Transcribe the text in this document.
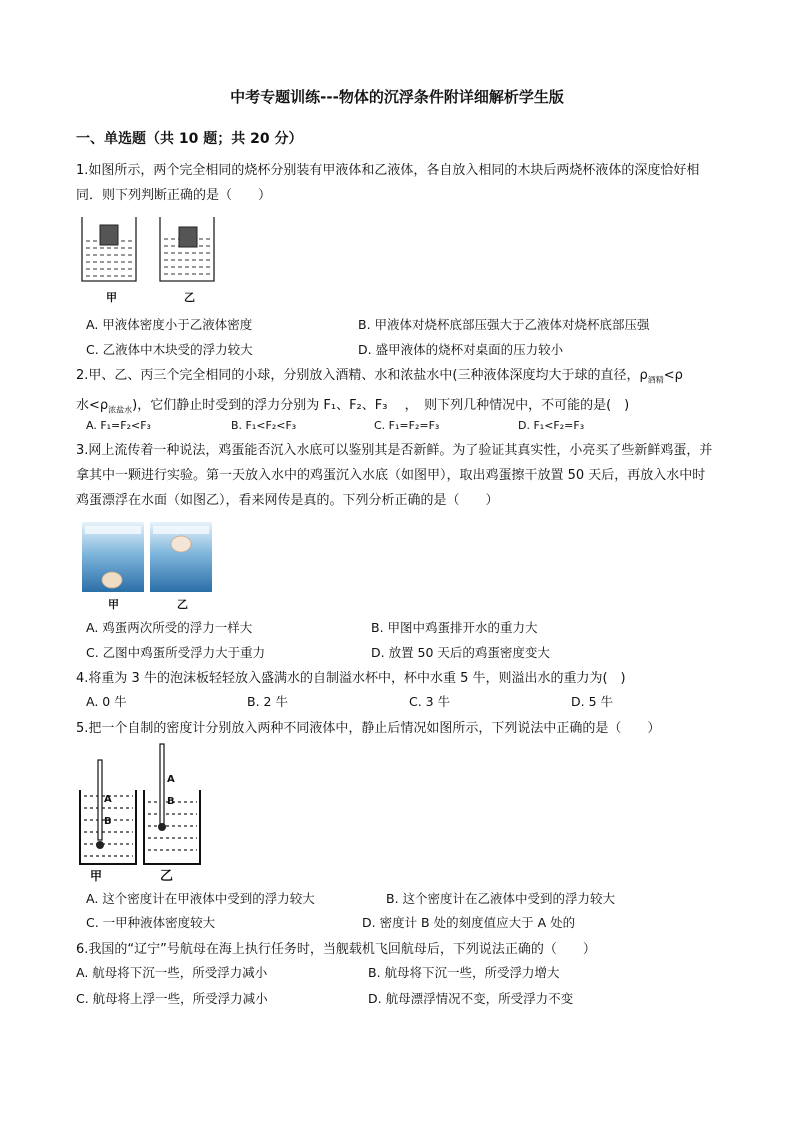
中考专题训练---物体的沉浮条件附详细解析学生版
一、单选题（共 10 题；共 20 分）
1.如图所示，两个完全相同的烧杯分别装有甲液体和乙液体，各自放入相同的木块后两烧杯液体的深度恰好相同．则下列判断正确的是（　　）
甲	乙
A. 甲液体密度小于乙液体密度	B. 甲液体对烧杯底部压强大于乙液体对烧杯底部压强
C. 乙液体中木块受的浮力较大	D. 盛甲液体的烧杯对桌面的压力较小
2.甲、乙、丙三个完全相同的小球，分别放入酒精、水和浓盐水中(三种液体深度均大于球的直径，$\rho_{酒精}<\rho$
水$<\rho_{浓盐水}$)，它们静止时受到的浮力分别为 F₁、F₂、F₃ 　，　则下列几种情况中，不可能的是(　)
A. F₁=F₂<F₃	B. F₁<F₂<F₃	C. F₁=F₂=F₃	D. F₁<F₂=F₃
3.网上流传着一种说法，鸡蛋能否沉入水底可以鉴别其是否新鲜。为了验证其真实性，小亮买了些新鲜鸡蛋，并拿其中一颗进行实验。第一天放入水中的鸡蛋沉入水底（如图甲），取出鸡蛋擦干放置 50 天后，再放入水中时鸡蛋漂浮在水面（如图乙），看来网传是真的。下列分析正确的是（　　）
甲	乙
A. 鸡蛋两次所受的浮力一样大	B. 甲图中鸡蛋排开水的重力大
C. 乙图中鸡蛋所受浮力大于重力	D. 放置 50 天后的鸡蛋密度变大
4.将重为 3 牛的泡沫板轻轻放入盛满水的自制溢水杯中，杯中水重 5 牛，则溢出水的重力为(　)
A. 0 牛	B. 2 牛	C. 3 牛	D. 5 牛
5.把一个自制的密度计分别放入两种不同液体中，静止后情况如图所示，下列说法中正确的是（　　）
A
B
A
B
甲	乙
A. 这个密度计在甲液体中受到的浮力较大	B. 这个密度计在乙液体中受到的浮力较大
C. 一甲种液体密度较大	D. 密度计 B 处的刻度值应大于 A 处的
6.我国的“辽宁”号航母在海上执行任务时，当舰载机飞回航母后，下列说法正确的（　　）
A. 航母将下沉一些，所受浮力减小	B. 航母将下沉一些，所受浮力增大
C. 航母将上浮一些，所受浮力减小	D. 航母漂浮情况不变，所受浮力不变
